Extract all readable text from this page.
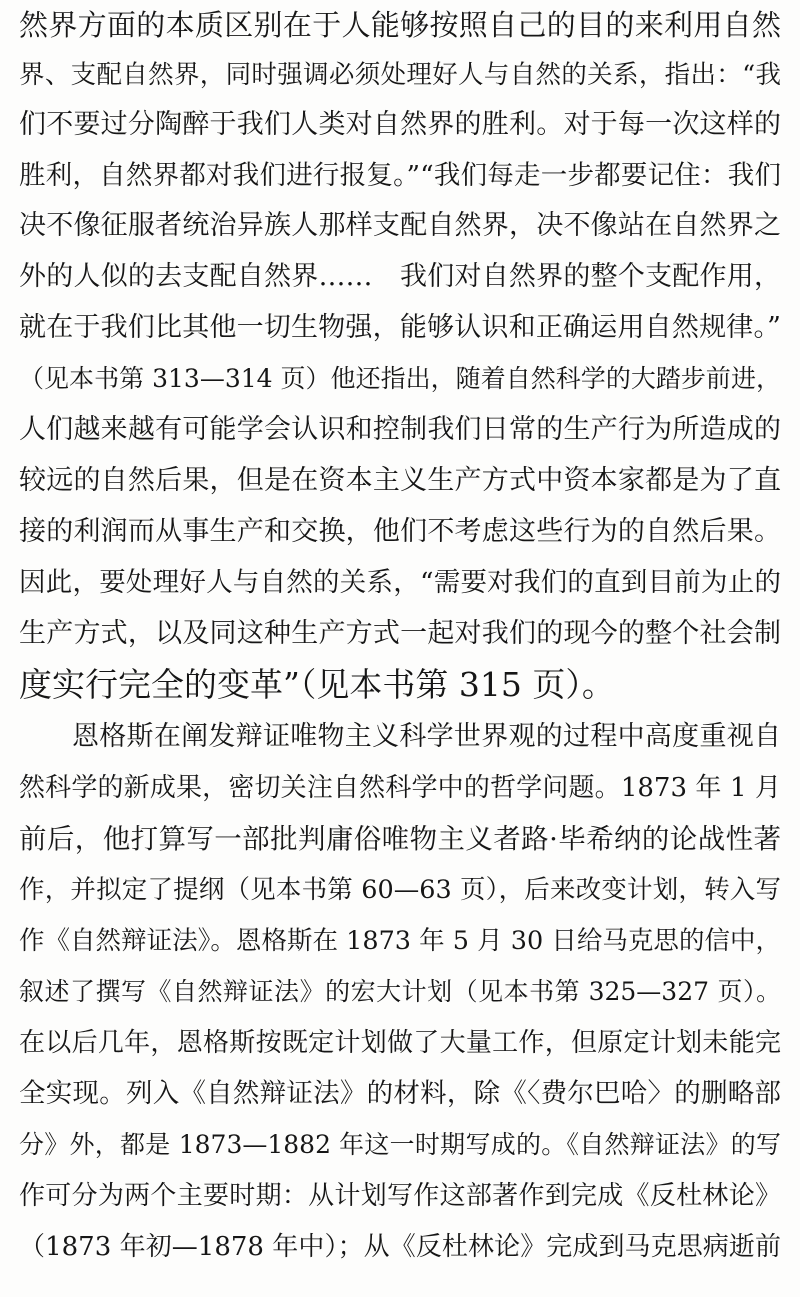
然界方面的本质区别在于人能够按照自己的目的来利用自然
界、支配自然界，同时强调必须处理好人与自然的关系，指出：“我
们不要过分陶醉于我们人类对自然界的胜利。对于每一次这样的
胜利，自然界都对我们进行报复。”“我们每走一步都要记住：我们
决不像征服者统治异族人那样支配自然界，决不像站在自然界之
外的人似的去支配自然界……　我们对自然界的整个支配作用，
就在于我们比其他一切生物强，能够认识和正确运用自然规律。”
（见本书第 313—314 页）他还指出，随着自然科学的大踏步前进，
人们越来越有可能学会认识和控制我们日常的生产行为所造成的
较远的自然后果，但是在资本主义生产方式中资本家都是为了直
接的利润而从事生产和交换，他们不考虑这些行为的自然后果。
因此，要处理好人与自然的关系，“需要对我们的直到目前为止的
生产方式，以及同这种生产方式一起对我们的现今的整个社会制
度实行完全的变革”（见本书第 315 页）。
恩格斯在阐发辩证唯物主义科学世界观的过程中高度重视自
然科学的新成果，密切关注自然科学中的哲学问题。1873 年 1 月
前后，他打算写一部批判庸俗唯物主义者路·毕希纳的论战性著
作，并拟定了提纲（见本书第 60—63 页），后来改变计划，转入写
作《自然辩证法》。恩格斯在 1873 年 5 月 30 日给马克思的信中，
叙述了撰写《自然辩证法》的宏大计划（见本书第 325—327 页）。
在以后几年，恩格斯按既定计划做了大量工作，但原定计划未能完
全实现。列入《自然辩证法》的材料，除《〈费尔巴哈〉的删略部
分》外，都是 1873—1882 年这一时期写成的。《自然辩证法》的写
作可分为两个主要时期：从计划写作这部著作到完成《反杜林论》
（1873 年初—1878 年中）；从《反杜林论》完成到马克思病逝前
